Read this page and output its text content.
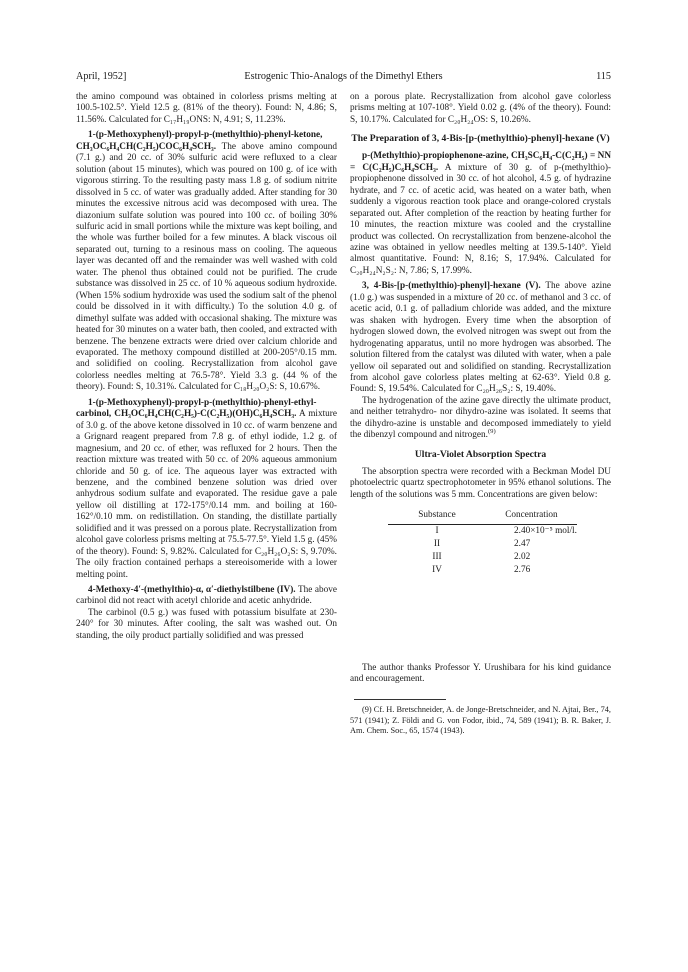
April, 1952]	Estrogenic Thio-Analogs of the Dimethyl Ethers	115

the amino compound was obtained in colorless prisms melting at 100.5-102.5°. Yield 12.5 g. (81% of the theory). Found: N, 4.86; S, 11.56%. Calculated for C₁₇H₁₉ONS: N, 4.91; S, 11.23%.

1-(p-Methoxyphenyl)-propyl-p-(methylthio)-phenyl-ketone, CH₃OC₆H₄CH(C₂H₅)COC₆H₄SCH₃. The above amino compound (7.1 g.) and 20 cc. of 30% sulfuric acid were refluxed to a clear solution (about 15 minutes), which was poured on 100 g. of ice with vigorous stirring. To the resulting pasty mass 1.8 g. of sodium nitrite dissolved in 5 cc. of water was gradually added. After standing for 30 minutes the excessive nitrous acid was decomposed with urea. The diazonium sulfate solution was poured into 100 cc. of boiling 30% sulfuric acid in small portions while the mixture was kept boiling, and the whole was further boiled for a few minutes. A black viscous oil separated out, turning to a resinous mass on cooling. The aqueous layer was decanted off and the remainder was well washed with cold water. The phenol thus obtained could not be purified. The crude substance was dissolved in 25 cc. of 10 % aqueous sodium hydroxide. (When 15% sodium hydroxide was used the sodium salt of the phenol could be dissolved in it with difficulty.) To the solution 4.0 g. of dimethyl sulfate was added with occasional shaking. The mixture was heated for 30 minutes on a water bath, then cooled, and extracted with benzene. The benzene extracts were dried over calcium chloride and evaporated. The methoxy compound distilled at 200-205°/0.15 mm. and solidified on cooling. Recrystallization from alcohol gave colorless needles melting at 76.5-78°. Yield 3.3 g. (44 % of the theory). Found: S, 10.31%. Calculated for C₁₈H₂₀O₂S: S, 10.67%.

1-(p-Methoxyphenyl)-propyl-p-(methylthio)-phenyl-ethyl-carbinol, CH₃OC₆H₄CH(C₂H₅)-C(C₂H₅)(OH)C₆H₄SCH₃. A mixture of 3.0 g. of the above ketone dissolved in 10 cc. of warm benzene and a Grignard reagent prepared from 7.8 g. of ethyl iodide, 1.2 g. of magnesium, and 20 cc. of ether, was refluxed for 2 hours. Then the reaction mixture was treated with 50 cc. of 20% aqueous ammonium chloride and 50 g. of ice. The aqueous layer was extracted with benzene, and the combined benzene solution was dried over anhydrous sodium sulfate and evaporated. The residue gave a pale yellow oil distilling at 172-175°/0.14 mm. and boiling at 160-162°/0.10 mm. on redistillation. On standing, the distillate partially solidified and it was pressed on a porous plate. Recrystallization from alcohol gave colorless prisms melting at 75.5-77.5°. Yield 1.5 g. (45% of the theory). Found: S, 9.82%. Calculated for C₂₀H₂₆O₂S: S, 9.70%. The oily fraction contained perhaps a stereoisomeride with a lower melting point.

4-Methoxy-4′-(methylthio)-α, α′-diethylstilbene (IV). The above carbinol did not react with acetyl chloride and acetic anhydride.

The carbinol (0.5 g.) was fused with potassium bisulfate at 230-240° for 30 minutes. After cooling, the salt was washed out. On standing, the oily product partially solidified and was pressed

on a porous plate. Recrystallization from alcohol gave colorless prisms melting at 107-108°. Yield 0.02 g. (4% of the theory). Found: S, 10.17%. Calculated for C₂₀H₂₄OS: S, 10.26%.

The Preparation of 3, 4-Bis-[p-(methylthio)-phenyl]-hexane (V)

p-(Methylthio)-propiophenone-azine, CH₃SC₆H₄-C(C₂H₅) = NN = C(C₂H₅)C₆H₄SCH₃. A mixture of 30 g. of p-(methylthio)-propiophenone dissolved in 30 cc. of hot alcohol, 4.5 g. of hydrazine hydrate, and 7 cc. of acetic acid, was heated on a water bath, when suddenly a vigorous reaction took place and orange-colored crystals separated out. After completion of the reaction by heating further for 10 minutes, the reaction mixture was cooled and the crystalline product was collected. On recrystallization from benzene-alcohol the azine was obtained in yellow needles melting at 139.5-140°. Yield almost quantitative. Found: N, 8.16; S, 17.94%. Calculated for C₂₀H₂₄N₂S₂: N, 7.86; S, 17.99%.

3, 4-Bis-[p-(methylthio)-phenyl]-hexane (V). The above azine (1.0 g.) was suspended in a mixture of 20 cc. of methanol and 3 cc. of acetic acid, 0.1 g. of palladium chloride was added, and the mixture was shaken with hydrogen. Every time when the absorption of hydrogen slowed down, the evolved nitrogen was swept out from the hydrogenating apparatus, until no more hydrogen was absorbed. The solution filtered from the catalyst was diluted with water, when a pale yellow oil separated out and solidified on standing. Recrystallization from alcohol gave colorless plates melting at 62-63°. Yield 0.8 g. Found: S, 19.54%. Calculated for C₂₀H₂₆S₂: S, 19.40%.

The hydrogenation of the azine gave directly the ultimate product, and neither tetrahydro- nor dihydro-azine was isolated. It seems that the dihydro-azine is unstable and decomposed immediately to yield the dibenzyl compound and nitrogen.$^{(9)}$

Ultra-Violet Absorption Spectra

The absorption spectra were recorded with a Beckman Model DU photoelectric quartz spectrophotometer in 95% ethanol solutions. The length of the solutions was 5 mm. Concentrations are given below:

Substance	Concentration
I	2.40×10⁻⁵ mol/l.
II	2.47
III	2.02
IV	2.76

The author thanks Professor Y. Urushibara for his kind guidance and encouragement.

(9) Cf. H. Bretschneider, A. de Jonge-Bretschneider, and N. Ajtai, Ber., 74, 571 (1941); Z. Földi and G. von Fodor, ibid., 74, 589 (1941); B. R. Baker, J. Am. Chem. Soc., 65, 1574 (1943).
